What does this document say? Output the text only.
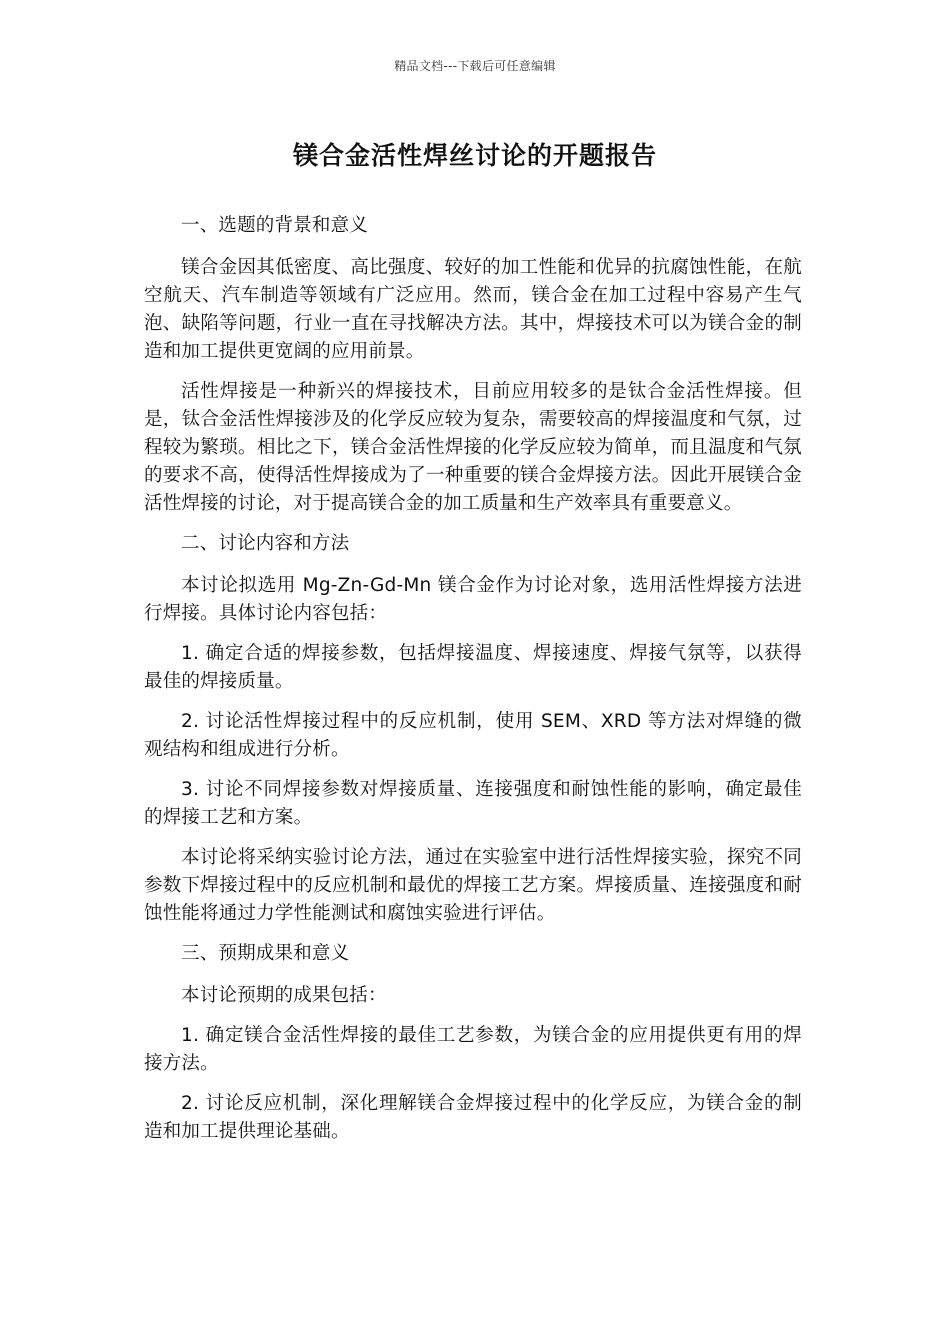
精品文档---下载后可任意编辑
镁合金活性焊丝讨论的开题报告

一、选题的背景和意义

镁合金因其低密度、高比强度、较好的加工性能和优异的抗腐蚀性能，在航空航天、汽车制造等领域有广泛应用。然而，镁合金在加工过程中容易产生气泡、缺陷等问题，行业一直在寻找解决方法。其中，焊接技术可以为镁合金的制造和加工提供更宽阔的应用前景。

活性焊接是一种新兴的焊接技术，目前应用较多的是钛合金活性焊接。但是，钛合金活性焊接涉及的化学反应较为复杂，需要较高的焊接温度和气氛，过程较为繁琐。相比之下，镁合金活性焊接的化学反应较为简单，而且温度和气氛的要求不高，使得活性焊接成为了一种重要的镁合金焊接方法。因此开展镁合金活性焊接的讨论，对于提高镁合金的加工质量和生产效率具有重要意义。

二、讨论内容和方法

本讨论拟选用 Mg-Zn-Gd-Mn 镁合金作为讨论对象，选用活性焊接方法进行焊接。具体讨论内容包括：

1. 确定合适的焊接参数，包括焊接温度、焊接速度、焊接气氛等，以获得最佳的焊接质量。

2. 讨论活性焊接过程中的反应机制，使用 SEM、XRD 等方法对焊缝的微观结构和组成进行分析。

3. 讨论不同焊接参数对焊接质量、连接强度和耐蚀性能的影响，确定最佳的焊接工艺和方案。

本讨论将采纳实验讨论方法，通过在实验室中进行活性焊接实验，探究不同参数下焊接过程中的反应机制和最优的焊接工艺方案。焊接质量、连接强度和耐蚀性能将通过力学性能测试和腐蚀实验进行评估。

三、预期成果和意义

本讨论预期的成果包括：

1. 确定镁合金活性焊接的最佳工艺参数，为镁合金的应用提供更有用的焊接方法。

2. 讨论反应机制，深化理解镁合金焊接过程中的化学反应，为镁合金的制造和加工提供理论基础。
